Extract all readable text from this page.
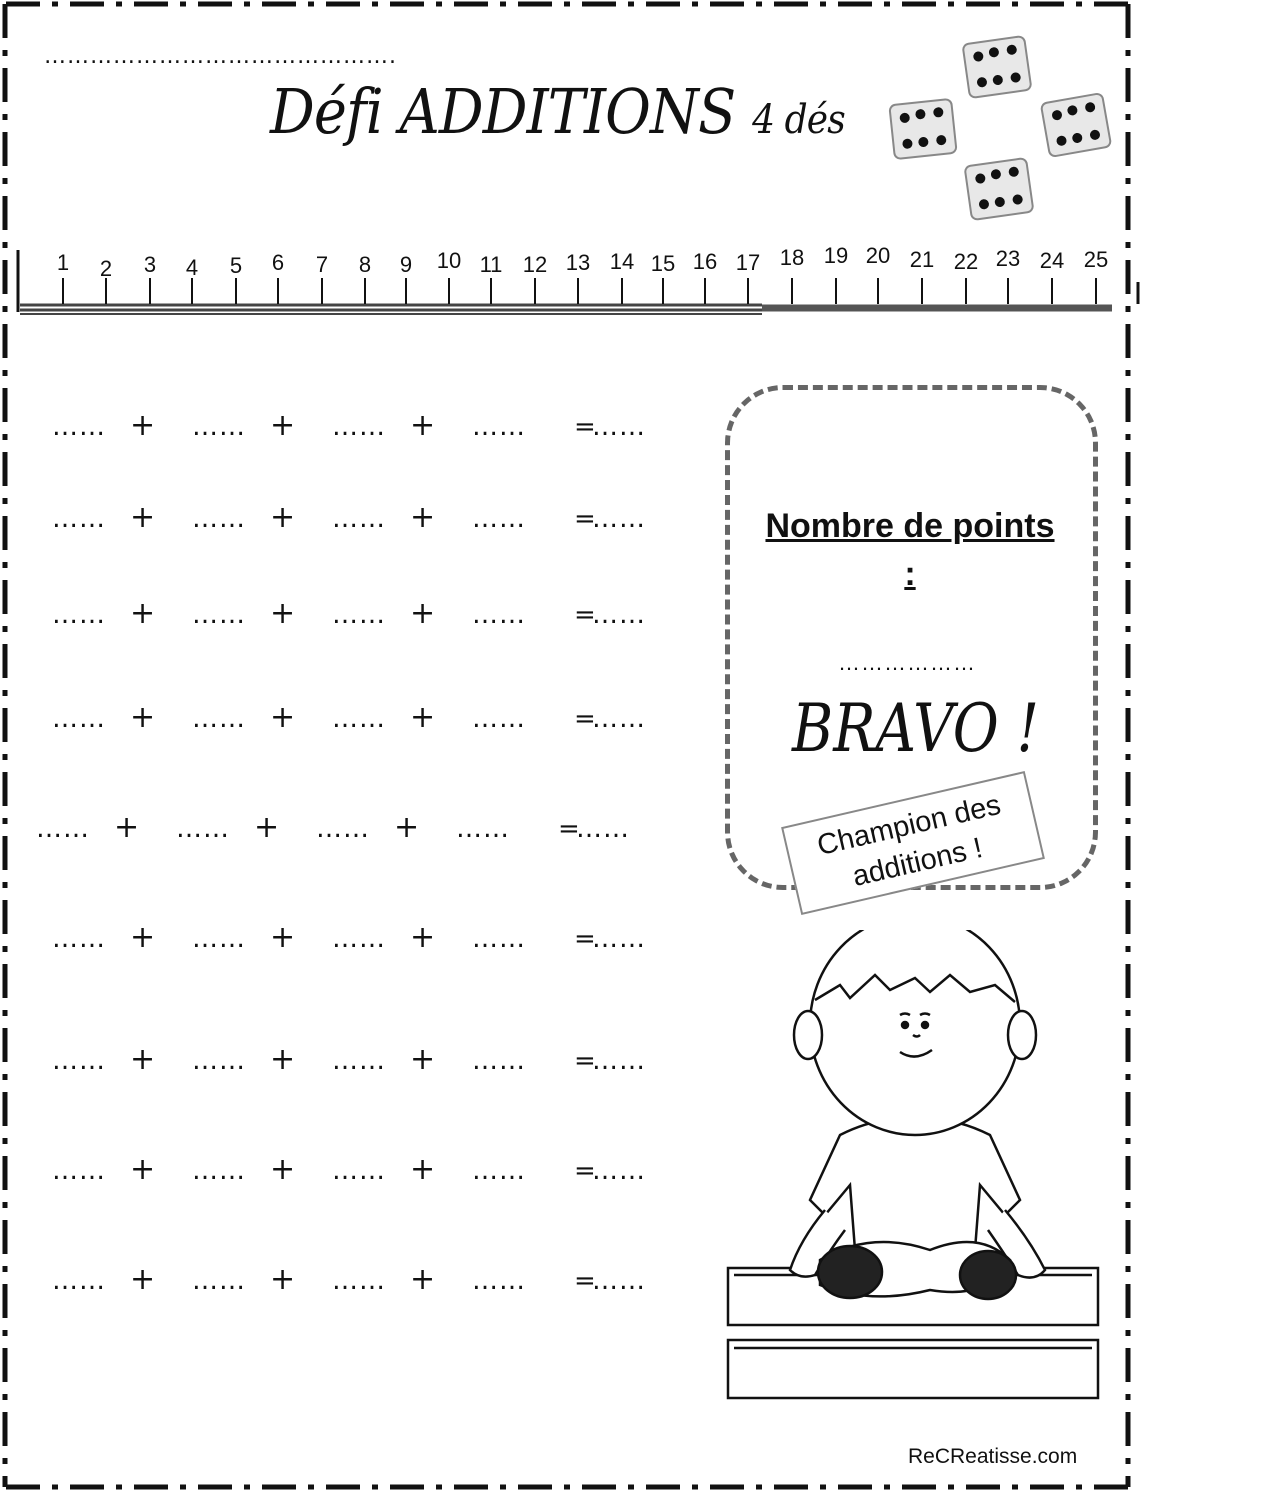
……………………………………….
Défi ADDITIONS 4 dés
1 2 3 4 5 6 7 8 9 10 11 12 13 14 15 16 17 18 19 20 21 22 23 24 25
…… + …… + …… + …… =……
…… + …… + …… + …… =……
…… + …… + …… + …… =……
…… + …… + …… + …… =……
…… + …… + …… + …… =……
…… + …… + …… + …… =……
…… + …… + …… + …… =……
…… + …… + …… + …… =……
…… + …… + …… + …… =……
Nombre de points :
………………
BRAVO !
Champion des additions !
ReCReatisse.com
